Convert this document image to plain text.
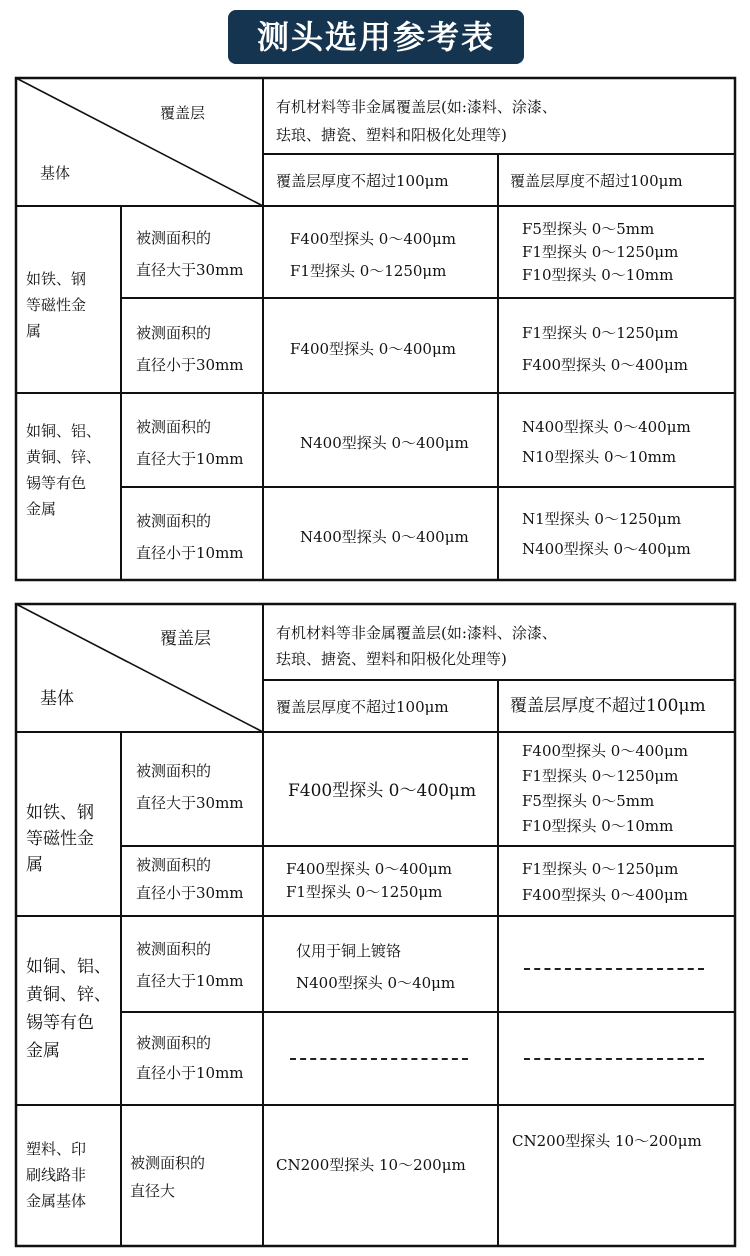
测头选用参考表
覆盖层
基体
有机材料等非金属覆盖层(如:漆料、涂漆、
珐琅、搪瓷、塑料和阳极化处理等)
覆盖层厚度不超过100μm	覆盖层厚度不超过100μm
如铁、钢
等磁性金
属
被测面积的
直径大于30mm
F400型探头 0～400μm
F1型探头 0～1250μm
F5型探头 0～5mm
F1型探头 0～1250μm
F10型探头 0～10mm
被测面积的
直径小于30mm
F400型探头 0～400μm
F1型探头 0～1250μm
F400型探头 0～400μm
如铜、铝、
黄铜、锌、
锡等有色
金属
被测面积的
直径大于10mm
N400型探头 0～400μm
N400型探头 0～400μm
N10型探头 0～10mm
被测面积的
直径小于10mm
N400型探头 0～400μm
N1型探头 0～1250μm
N400型探头 0～400μm
覆盖层
基体
有机材料等非金属覆盖层(如:漆料、涂漆、
珐琅、搪瓷、塑料和阳极化处理等)
覆盖层厚度不超过100μm	覆盖层厚度不超过100μm
如铁、钢
等磁性金
属
被测面积的
直径大于30mm
F400型探头 0～400μm
F400型探头 0～400μm
F1型探头 0～1250μm
F5型探头 0～5mm
F10型探头 0～10mm
被测面积的
直径小于30mm
F400型探头 0～400μm
F1型探头 0～1250μm
F1型探头 0～1250μm
F400型探头 0～400μm
如铜、铝、
黄铜、锌、
锡等有色
金属
被测面积的
直径大于10mm
仅用于铜上镀铬
N400型探头 0～40μm
被测面积的
直径小于10mm
塑料、印
刷线路非
金属基体
被测面积的
直径大
CN200型探头 10～200μm
CN200型探头 10～200μm
